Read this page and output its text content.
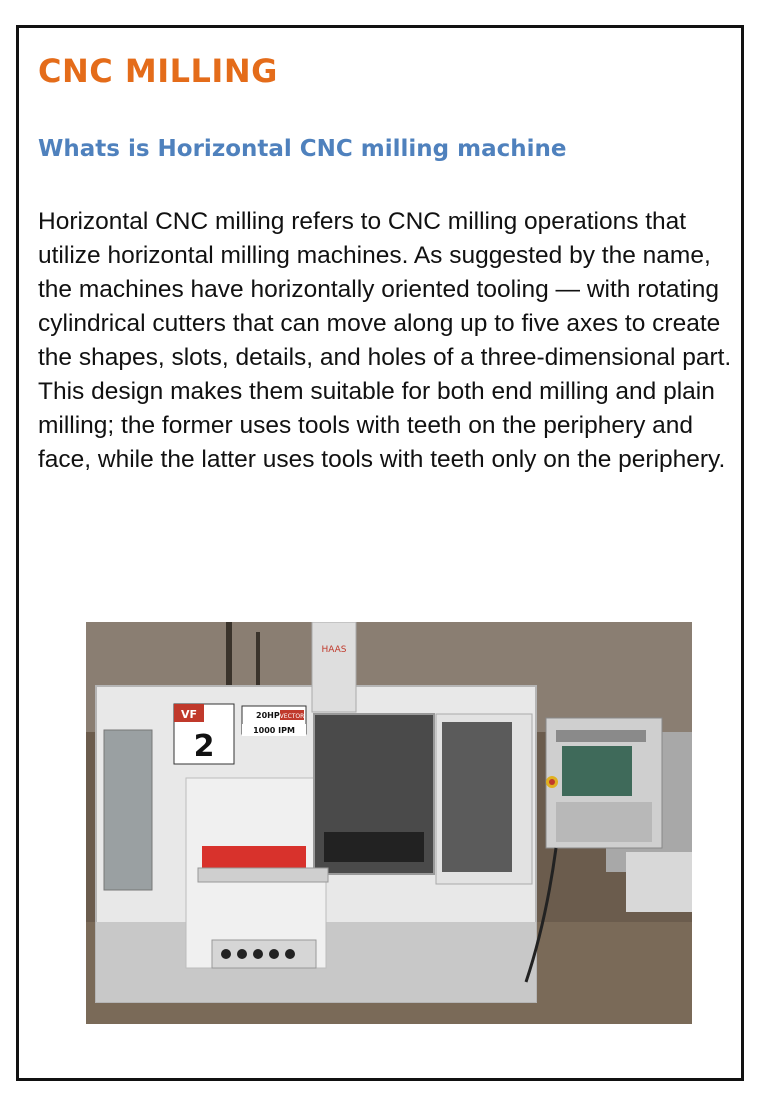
CNC MILLING
Whats is Horizontal CNC milling machine

Horizontal CNC milling refers to CNC milling operations that utilize horizontal milling machines. As suggested by the name, the machines have horizontally oriented tooling — with rotating cylindrical cutters that can move along up to five axes to create the shapes, slots, details, and holes of a three-dimensional part. This design makes them suitable for both end milling and plain milling; the former uses tools with teeth on the periphery and face, while the latter uses tools with teeth only on the periphery.

HAAS
VF
2
20HP VECTOR
1000 IPM
